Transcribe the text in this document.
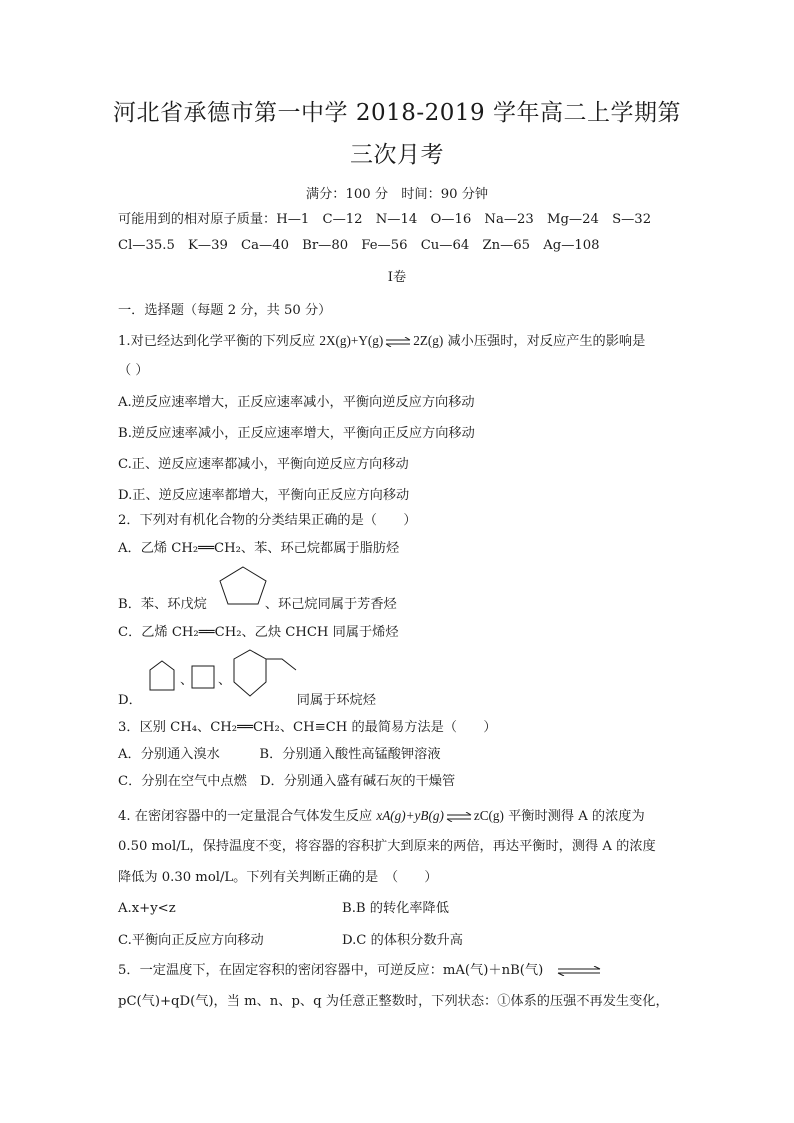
河北省承德市第一中学 2018-2019 学年高二上学期第三次月考
满分：100 分　时间：90 分钟
可能用到的相对原子质量：H—1　C—12　N—14　O—16　Na—23　Mg—24　S—32
Cl—35.5　K—39　Ca—40　Br—80　Fe—56　Cu—64　Zn—65　Ag—108
Ⅰ卷
一．选择题（每题 2 分，共 50 分）
1.对已经达到化学平衡的下列反应 2X(g)+Y(g) ⇌ 2Z(g) 减小压强时，对反应产生的影响是
（ ）
A.逆反应速率增大，正反应速率减小，平衡向逆反应方向移动
B.逆反应速率减小，正反应速率增大，平衡向正反应方向移动
C.正、逆反应速率都减小，平衡向逆反应方向移动
D.正、逆反应速率都增大，平衡向正反应方向移动
2．下列对有机化合物的分类结果正确的是（　　）
A．乙烯 CH₂══CH₂、苯、环己烷都属于脂肪烃
B．苯、环戊烷	、环己烷同属于芳香烃
C．乙烯 CH₂══CH₂、乙炔 CHCH 同属于烯烃
、 、
D．	同属于环烷烃
3．区别 CH₄、CH₂══CH₂、CH≡CH 的最简易方法是（　　）
A．分别通入溴水　　　B．分别通入酸性高锰酸钾溶液
C．分别在空气中点燃　D．分别通入盛有碱石灰的干燥管
4. 在密闭容器中的一定量混合气体发生反应 xA(g)+yB(g) ⇌ zC(g) 平衡时测得 A 的浓度为
0.50 mol/L，保持温度不变，将容器的容积扩大到原来的两倍，再达平衡时，测得 A 的浓度
降低为 0.30 mol/L。下列有关判断正确的是　（　　）
A.x+y<z	B.B 的转化率降低
C.平衡向正反应方向移动	D.C 的体积分数升高
5．一定温度下，在固定容积的密闭容器中，可逆反应：mA(气)＋nB(气) ⇌
pC(气)+qD(气)，当 m、n、p、q 为任意正整数时，下列状态：①体系的压强不再发生变化，
